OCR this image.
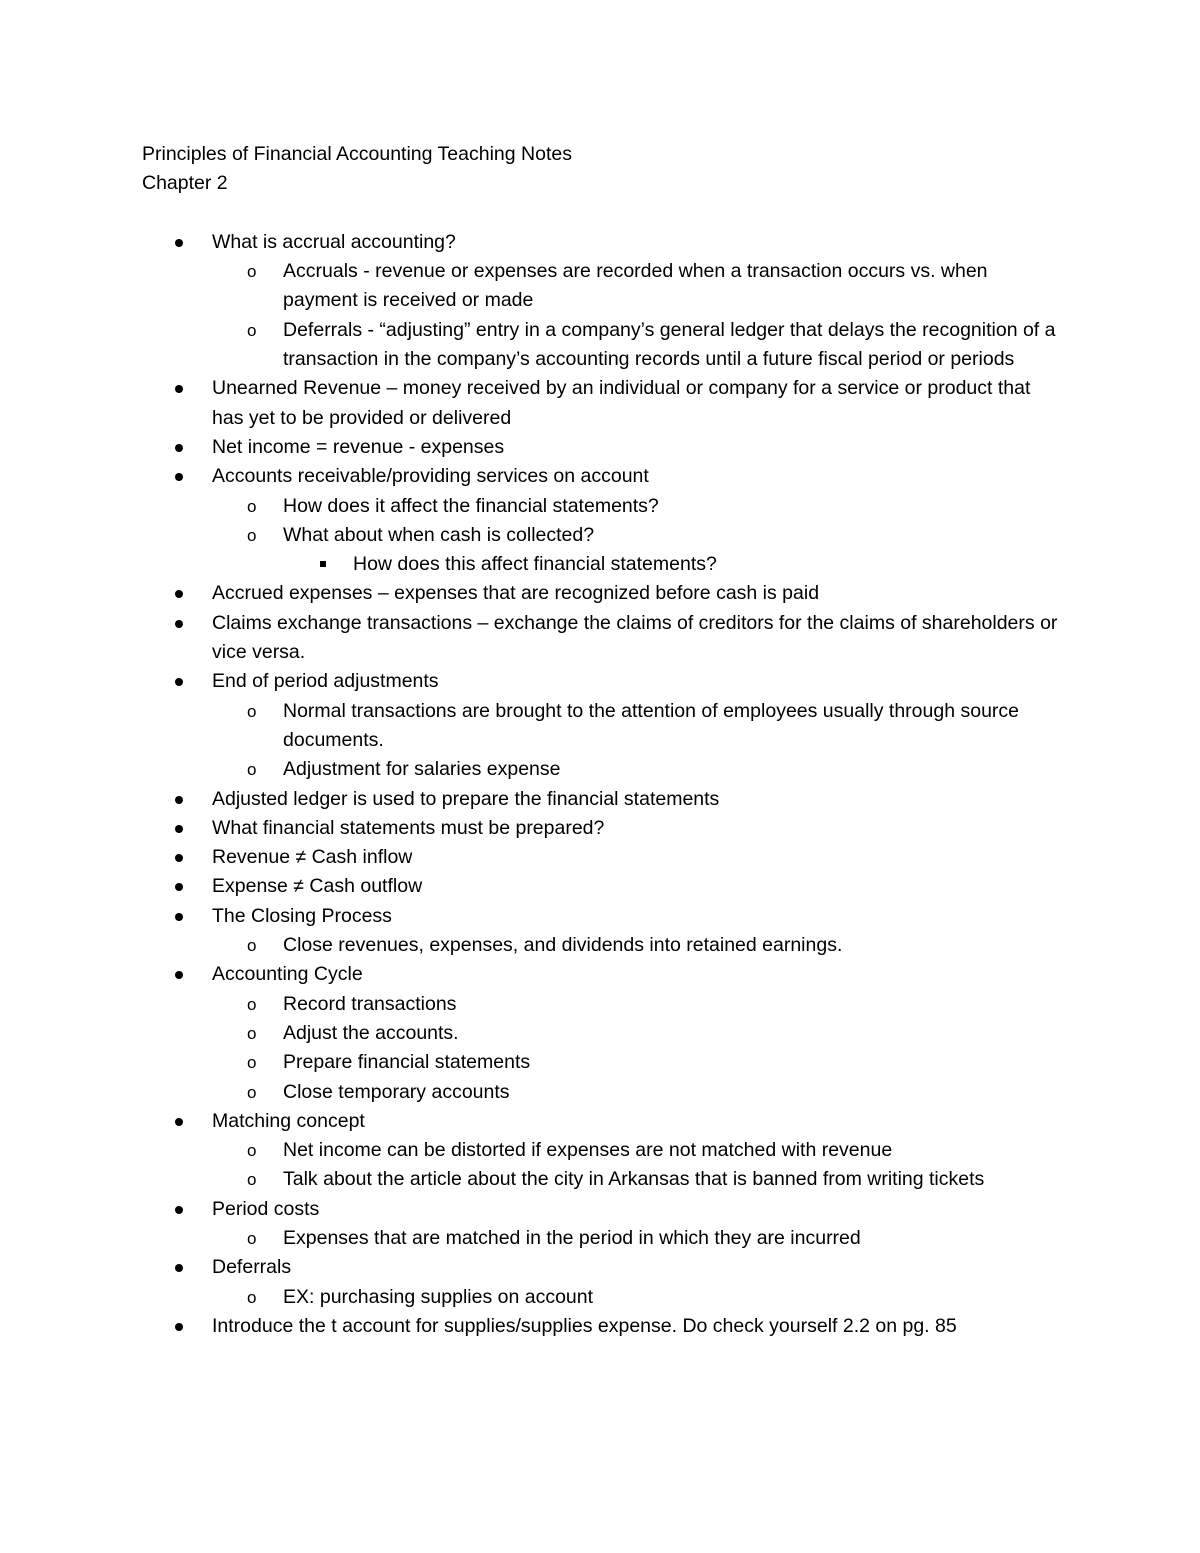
Principles of Financial Accounting Teaching Notes

Chapter 2

What is accrual accounting?
o Accruals - revenue or expenses are recorded when a transaction occurs vs. when payment is received or made
o Deferrals - “adjusting” entry in a company’s general ledger that delays the recognition of a transaction in the company’s accounting records until a future fiscal period or periods
Unearned Revenue – money received by an individual or company for a service or product that has yet to be provided or delivered
Net income = revenue - expenses
Accounts receivable/providing services on account
o How does it affect the financial statements?
o What about when cash is collected?
How does this affect financial statements?
Accrued expenses – expenses that are recognized before cash is paid
Claims exchange transactions – exchange the claims of creditors for the claims of shareholders or vice versa.
End of period adjustments
o Normal transactions are brought to the attention of employees usually through source documents.
o Adjustment for salaries expense
Adjusted ledger is used to prepare the financial statements
What financial statements must be prepared?
Revenue ≠ Cash inflow
Expense ≠ Cash outflow
The Closing Process
o Close revenues, expenses, and dividends into retained earnings.
Accounting Cycle
o Record transactions
o Adjust the accounts.
o Prepare financial statements
o Close temporary accounts
Matching concept
o Net income can be distorted if expenses are not matched with revenue
o Talk about the article about the city in Arkansas that is banned from writing tickets
Period costs
o Expenses that are matched in the period in which they are incurred
Deferrals
o EX: purchasing supplies on account
Introduce the t account for supplies/supplies expense. Do check yourself 2.2 on pg. 85
